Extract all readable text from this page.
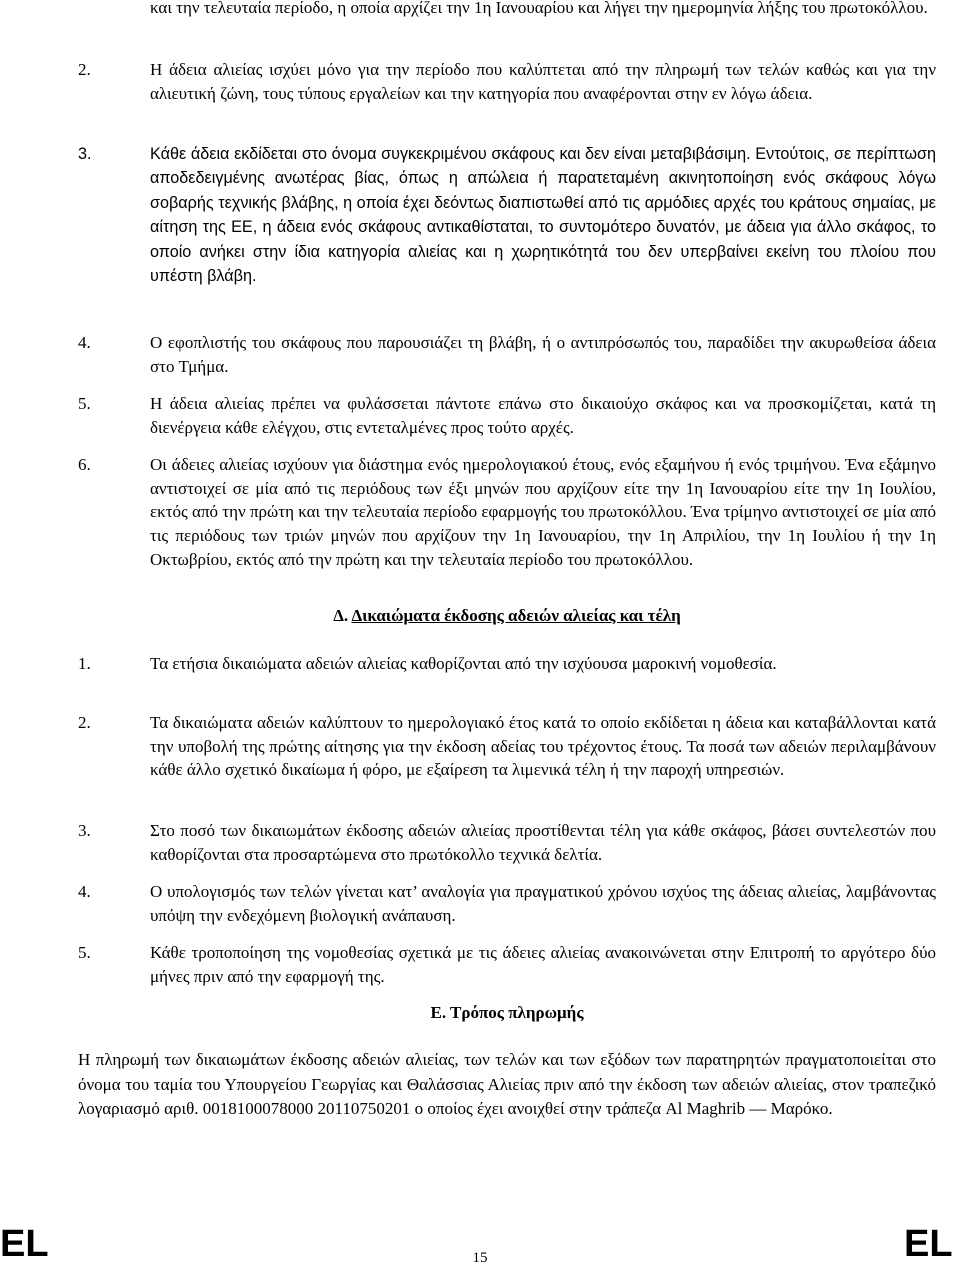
και την τελευταία περίοδο, η οποία αρχίζει την 1η Ιανουαρίου και λήγει την ημερομηνία λήξης του πρωτοκόλλου.
2.	Η άδεια αλιείας ισχύει μόνο για την περίοδο που καλύπτεται από την πληρωμή των τελών καθώς και για την αλιευτική ζώνη, τους τύπους εργαλείων και την κατηγορία που αναφέρονται στην εν λόγω άδεια.
3.	Κάθε άδεια εκδίδεται στο όνομα συγκεκριμένου σκάφους και δεν είναι μεταβιβάσιμη. Εντούτοις, σε περίπτωση αποδεδειγμένης ανωτέρας βίας, όπως η απώλεια ή παρατεταμένη ακινητοποίηση ενός σκάφους λόγω σοβαρής τεχνικής βλάβης, η οποία έχει δεόντως διαπιστωθεί από τις αρμόδιες αρχές του κράτους σημαίας, με αίτηση της ΕΕ, η άδεια ενός σκάφους αντικαθίσταται, το συντομότερο δυνατόν, με άδεια για άλλο σκάφος, το οποίο ανήκει στην ίδια κατηγορία αλιείας και η χωρητικότητά του δεν υπερβαίνει εκείνη του πλοίου που υπέστη βλάβη.
4.	Ο εφοπλιστής του σκάφους που παρουσιάζει τη βλάβη, ή ο αντιπρόσωπός του, παραδίδει την ακυρωθείσα άδεια στο Τμήμα.
5.	Η άδεια αλιείας πρέπει να φυλάσσεται πάντοτε επάνω στο δικαιούχο σκάφος και να προσκομίζεται, κατά τη διενέργεια κάθε ελέγχου, στις εντεταλμένες προς τούτο αρχές.
6.	Οι άδειες αλιείας ισχύουν για διάστημα ενός ημερολογιακού έτους, ενός εξαμήνου ή ενός τριμήνου. Ένα εξάμηνο αντιστοιχεί σε μία από τις περιόδους των έξι μηνών που αρχίζουν είτε την 1η Ιανουαρίου είτε την 1η Ιουλίου, εκτός από την πρώτη και την τελευταία περίοδο εφαρμογής του πρωτοκόλλου. Ένα τρίμηνο αντιστοιχεί σε μία από τις περιόδους των τριών μηνών που αρχίζουν την 1η Ιανουαρίου, την 1η Απριλίου, την 1η Ιουλίου ή την 1η Οκτωβρίου, εκτός από την πρώτη και την τελευταία περίοδο του πρωτοκόλλου.
Δ. Δικαιώματα έκδοσης αδειών αλιείας και τέλη
1.	Τα ετήσια δικαιώματα αδειών αλιείας καθορίζονται από την ισχύουσα μαροκινή νομοθεσία.
2.	Τα δικαιώματα αδειών καλύπτουν το ημερολογιακό έτος κατά το οποίο εκδίδεται η άδεια και καταβάλλονται κατά την υποβολή της πρώτης αίτησης για την έκδοση αδείας του τρέχοντος έτους. Τα ποσά των αδειών περιλαμβάνουν κάθε άλλο σχετικό δικαίωμα ή φόρο, με εξαίρεση τα λιμενικά τέλη ή την παροχή υπηρεσιών.
3.	Στο ποσό των δικαιωμάτων έκδοσης αδειών αλιείας προστίθενται τέλη για κάθε σκάφος, βάσει συντελεστών που καθορίζονται στα προσαρτώμενα στο πρωτόκολλο τεχνικά δελτία.
4.	Ο υπολογισμός των τελών γίνεται κατ’ αναλογία για πραγματικού χρόνου ισχύος της άδειας αλιείας, λαμβάνοντας υπόψη την ενδεχόμενη βιολογική ανάπαυση.
5.	Κάθε τροποποίηση της νομοθεσίας σχετικά με τις άδειες αλιείας ανακοινώνεται στην Επιτροπή το αργότερο δύο μήνες πριν από την εφαρμογή της.
Ε. Τρόπος πληρωμής
Η πληρωμή των δικαιωμάτων έκδοσης αδειών αλιείας, των τελών και των εξόδων των παρατηρητών πραγματοποιείται στο όνομα του ταμία του Υπουργείου Γεωργίας και Θαλάσσιας Αλιείας πριν από την έκδοση των αδειών αλιείας, στον τραπεζικό λογαριασμό αριθ. 0018100078000 20110750201 ο οποίος έχει ανοιχθεί στην τράπεζα Al Maghrib — Μαρόκο.
EL	15	EL
